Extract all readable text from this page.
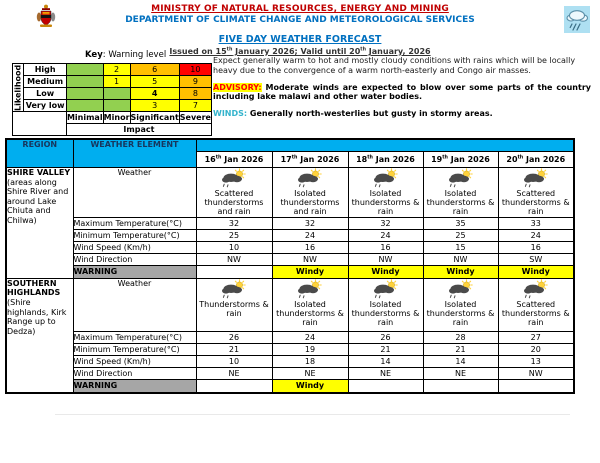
MINISTRY OF NATURAL RESOURCES, ENERGY AND MINING
DEPARTMENT OF CLIMATE CHANGE AND METEOROLOGICAL SERVICES
FIVE DAY WEATHER FORECAST
Issued on 15th January 2026; Valid until 20th January, 2026
Key: Warning level
Likelihood	High		2	6	10
	Medium		1	5	9
	Low			4	8
	Very low			3	7
		Minimal	Minor	Significant	Severe
		Impact			

Expect generally warm to hot and mostly cloudy conditions with rains which will be locally heavy due to the convergence of a warm north-easterly and Congo air masses.

ADVISORY: Moderate winds are expected to blow over some parts of the country including lake malawi and other water bodies.

WINDS: Generally north-westerlies but gusty in stormy areas.

REGION	WEATHER ELEMENT					
		16th Jan 2026	17th Jan 2026	18th Jan 2026	19th Jan 2026	20th Jan 2026

SHIRE VALLEY
(areas along Shire River and around Lake Chiuta and Chilwa)	Weather	Scattered thunderstorms and rain	Isolated thunderstorms and rain	Isolated thunderstorms & rain	Isolated thunderstorms & rain	Scattered thunderstorms & rain

	Maximum Temperature(°C)	32	32	32	35	33
	Minimum Temperature(°C)	25	24	24	25	24
	Wind Speed (Km/h)	10	16	16	15	16
	Wind Direction	NW	NW	NW	NW	SW
	WARNING		Windy	Windy	Windy	Windy

SOUTHERN HIGHLANDS
(Shire highlands, Kirk Range up to Dedza)	Weather	Thunderstorms & rain	Isolated thunderstorms & rain	Isolated thunderstorms & rain	Isolated thunderstorms & rain	Scattered thunderstorms & rain

	Maximum Temperature(°C)	26	24	26	28	27
	Minimum Temperature(°C)	21	19	21	21	20
	Wind Speed (Km/h)	10	18	14	14	13
	Wind Direction	NE	NE	NE	NE	NW
	WARNING		Windy			
